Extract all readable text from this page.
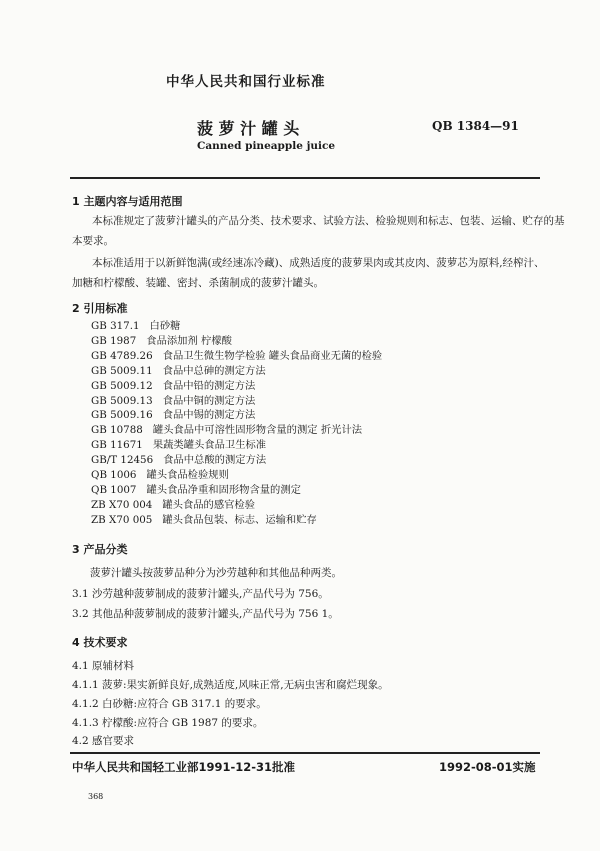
中华人民共和国行业标准
菠 萝 汁 罐 头	QB 1384—91
Canned pineapple juice
1 主题内容与适用范围
本标准规定了菠萝汁罐头的产品分类、技术要求、试验方法、检验规则和标志、包装、运输、贮存的基
本要求。
本标准适用于以新鲜饱满(或经速冻冷藏)、成熟适度的菠萝果肉或其皮肉、菠萝芯为原料,经榨汁、
加糖和柠檬酸、装罐、密封、杀菌制成的菠萝汁罐头。
2 引用标准
GB 317.1 白砂糖
GB 1987 食品添加剂 柠檬酸
GB 4789.26 食品卫生微生物学检验 罐头食品商业无菌的检验
GB 5009.11 食品中总砷的测定方法
GB 5009.12 食品中铅的测定方法
GB 5009.13 食品中铜的测定方法
GB 5009.16 食品中锡的测定方法
GB 10788 罐头食品中可溶性固形物含量的测定 折光计法
GB 11671 果蔬类罐头食品卫生标准
GB/T 12456 食品中总酸的测定方法
QB 1006 罐头食品检验规则
QB 1007 罐头食品净重和固形物含量的测定
ZB X70 004 罐头食品的感官检验
ZB X70 005 罐头食品包装、标志、运输和贮存
3 产品分类
菠萝汁罐头按菠萝品种分为沙劳越种和其他品种两类。
3.1 沙劳越种菠萝制成的菠萝汁罐头,产品代号为 756。
3.2 其他品种菠萝制成的菠萝汁罐头,产品代号为 756 1。
4 技术要求
4.1 原辅材料
4.1.1 菠萝:果实新鲜良好,成熟适度,风味正常,无病虫害和腐烂现象。
4.1.2 白砂糖:应符合 GB 317.1 的要求。
4.1.3 柠檬酸:应符合 GB 1987 的要求。
4.2 感官要求
中华人民共和国轻工业部1991-12-31批准	1992-08-01实施
368
